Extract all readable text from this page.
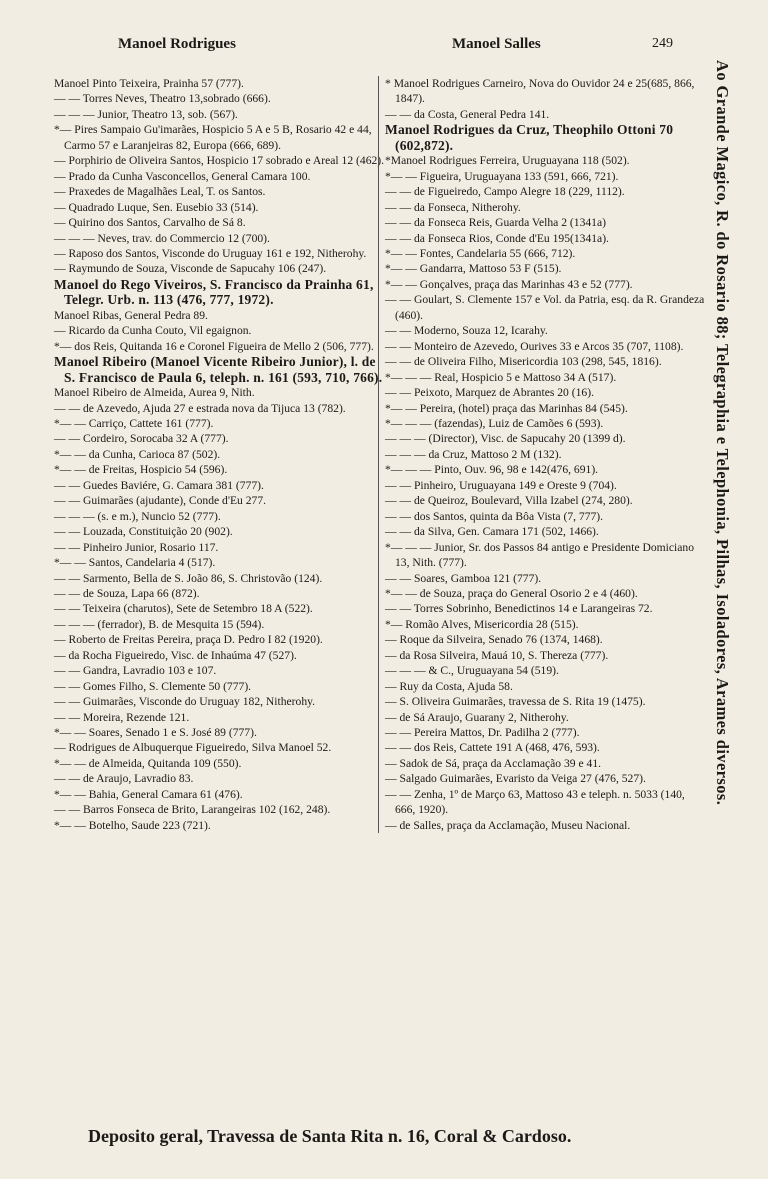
Manoel Rodrigues	Manoel Salles	249
Manoel Pinto Teixeira, Prainha 57 (777).
— — Torres Neves, Theatro 13,sobrado (666).
— — — Junior, Theatro 13, sob. (567).
*— Pires Sampaio Gu'imarães, Hospicio 5 A e 5 B, Rosario 42 e 44, Carmo 57 e Laranjeiras 82, Europa (666, 689).
— Porphirio de Oliveira Santos, Hospicio 17 sobrado e Areal 12 (462).
— Prado da Cunha Vasconcellos, General Camara 100.
— Praxedes de Magalhães Leal, T. os Santos.
— Quadrado Luque, Sen. Eusebio 33 (514).
— Quirino dos Santos, Carvalho de Sá 8.
— — — Neves, trav. do Commercio 12 (700).
— Raposo dos Santos, Visconde do Uruguay 161 e 192, Nitherohy.
— Raymundo de Souza, Visconde de Sapucahy 106 (247).
Manoel do Rego Viveiros, S. Francisco da Prainha 61, Telegr. Urb. n. 113 (476, 777, 1972).
Manoel Ribas, General Pedra 89.
— Ricardo da Cunha Couto, Vil egaignon.
*— dos Reis, Quitanda 16 e Coronel Figueira de Mello 2 (506, 777).
Manoel Ribeiro (Manoel Vicente Ribeiro Junior), l. de S. Francisco de Paula 6, teleph. n. 161 (593, 710, 766).
Manoel Ribeiro de Almeida, Aurea 9, Nith.
— — de Azevedo, Ajuda 27 e estrada nova da Tijuca 13 (782).
*— — Carriço, Cattete 161 (777).
— — Cordeiro, Sorocaba 32 A (777).
*— — da Cunha, Carioca 87 (502).
*— — de Freitas, Hospicio 54 (596).
— — Guedes Baviére, G. Camara 381 (777).
— — Guimarães (ajudante), Conde d'Eu 277.
— — — (s. e m.), Nuncio 52 (777).
— — Louzada, Constituição 20 (902).
— — Pinheiro Junior, Rosario 117.
*— — Santos, Candelaria 4 (517).
— — Sarmento, Bella de S. João 86, S. Christovão (124).
— — de Souza, Lapa 66 (872).
— — Teixeira (charutos), Sete de Setembro 18 A (522).
— — — (ferrador), B. de Mesquita 15 (594).
— Roberto de Freitas Pereira, praça D. Pedro I 82 (1920).
— da Rocha Figueiredo, Visc. de Inhaúma 47 (527).
— — Gandra, Lavradio 103 e 107.
— — Gomes Filho, S. Clemente 50 (777).
— — Guimarães, Visconde do Uruguay 182, Nitherohy.
— — Moreira, Rezende 121.
*— — Soares, Senado 1 e S. José 89 (777).
— Rodrigues de Albuquerque Figueiredo, Silva Manoel 52.
*— — de Almeida, Quitanda 109 (550).
— — de Araujo, Lavradio 83.
*— — Bahia, General Camara 61 (476).
— — Barros Fonseca de Brito, Larangeiras 102 (162, 248).
*— — Botelho, Saude 223 (721).
* Manoel Rodrigues Carneiro, Nova do Ouvidor 24 e 25(685, 866, 1847).
— — da Costa, General Pedra 141.
Manoel Rodrigues da Cruz, Theophilo Ottoni 70 (602,872).
*Manoel Rodrigues Ferreira, Uruguayana 118 (502).
*— — Figueira, Uruguayana 133 (591, 666, 721).
— — de Figueiredo, Campo Alegre 18 (229, 1112).
— — da Fonseca, Nitherohy.
— — da Fonseca Reis, Guarda Velha 2 (1341a)
— — da Fonseca Rios, Conde d'Eu 195(1341a).
*— — Fontes, Candelaria 55 (666, 712).
*— — Gandarra, Mattoso 53 F (515).
*— — Gonçalves, praça das Marinhas 43 e 52 (777).
— — Goulart, S. Clemente 157 e Vol. da Patria, esq. da R. Grandeza (460).
— — Moderno, Souza 12, Icarahy.
— — Monteiro de Azevedo, Ourives 33 e Arcos 35 (707, 1108).
— — de Oliveira Filho, Misericordia 103 (298, 545, 1816).
*— — — Real, Hospicio 5 e Mattoso 34 A (517).
— — Peixoto, Marquez de Abrantes 20 (16).
*— — Pereira, (hotel) praça das Marinhas 84 (545).
*— — — (fazendas), Luiz de Camões 6 (593).
— — — (Director), Visc. de Sapucahy 20 (1399 d).
— — — da Cruz, Mattoso 2 M (132).
*— — — Pinto, Ouv. 96, 98 e 142(476, 691).
— — Pinheiro, Uruguayana 149 e Oreste 9 (704).
— — de Queiroz, Boulevard, Villa Izabel (274, 280).
— — dos Santos, quinta da Bôa Vista (7, 777).
— — da Silva, Gen. Camara 171 (502, 1466).
*— — — Junior, Sr. dos Passos 84 antigo e Presidente Domiciano 13, Nith. (777).
— — Soares, Gamboa 121 (777).
*— — de Souza, praça do General Osorio 2 e 4 (460).
— — Torres Sobrinho, Benedictinos 14 e Larangeiras 72.
*— Romão Alves, Misericordia 28 (515).
— Roque da Silveira, Senado 76 (1374, 1468).
— da Rosa Silveira, Mauá 10, S. Thereza (777).
— — — & C., Uruguayana 54 (519).
— Ruy da Costa, Ajuda 58.
— S. Oliveira Guimarães, travessa de S. Rita 19 (1475).
— de Sá Araujo, Guarany 2, Nitherohy.
— — Pereira Mattos, Dr. Padilha 2 (777).
— — dos Reis, Cattete 191 A (468, 476, 593).
— Sadok de Sá, praça da Acclamação 39 e 41.
— Salgado Guimarães, Evaristo da Veiga 27 (476, 527).
— — Zenha, 1º de Março 63, Mattoso 43 e teleph. n. 5033 (140, 666, 1920).
— de Salles, praça da Acclamação, Museu Nacional.
Ao Grande Magico, R. do Rosario 88; Telegraphia e Telephonia, Pilhas, Isoladores, Arames diversos.
Deposito geral, Travessa de Santa Rita n. 16, Coral & Cardoso.
